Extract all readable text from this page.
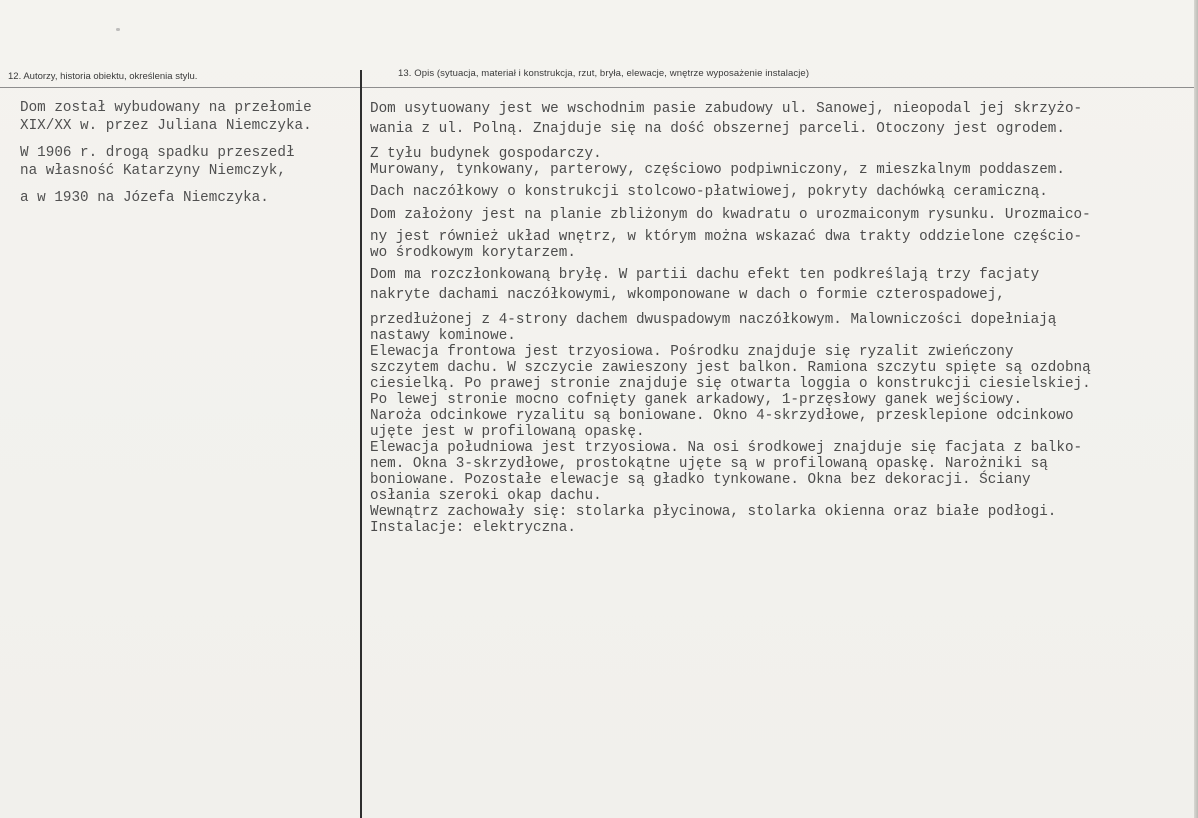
12. Autorzy, historia obiektu, określenia stylu.	13. Opis (sytuacja, materiał i konstrukcja, rzut, bryła, elewacje, wnętrze wyposażenie instalacje)
Dom został wybudowany na przełomie
XIX/XX w. przez Juliana Niemczyka.
W 1906 r. drogą spadku przeszedł
na własność Katarzyny Niemczyk,
a w 1930 na Józefa Niemczyka.
Dom usytuowany jest we wschodnim pasie zabudowy ul. Sanowej, nieopodal jej skrzyżo-
wania z ul. Polną. Znajduje się na dość obszernej parceli. Otoczony jest ogrodem.
Z tyłu budynek gospodarczy.
Murowany, tynkowany, parterowy, częściowo podpiwniczony, z mieszkalnym poddaszem.
Dach naczółkowy o konstrukcji stolcowo-płatwiowej, pokryty dachówką ceramiczną.
Dom założony jest na planie zbliżonym do kwadratu o urozmaiconym rysunku. Urozmaico-
ny jest również układ wnętrz, w którym można wskazać dwa trakty oddzielone częścio-
wo środkowym korytarzem.
Dom ma rozczłonkowaną bryłę. W partii dachu efekt ten podkreślają trzy facjaty
nakryte dachami naczółkowymi, wkomponowane w dach o formie czterospadowej,
przedłużonej z 4-strony dachem dwuspadowym naczółkowym. Malowniczości dopełniają
nastawy kominowe.
Elewacja frontowa jest trzyosiowa. Pośrodku znajduje się ryzalit zwieńczony
szczytem dachu. W szczycie zawieszony jest balkon. Ramiona szczytu spięte są ozdobną
ciesielką. Po prawej stronie znajduje się otwarta loggia o konstrukcji ciesielskiej.
Po lewej stronie mocno cofnięty ganek arkadowy, 1-przęsłowy ganek wejściowy.
Naroża odcinkowe ryzalitu są boniowane. Okno 4-skrzydłowe, przesklepione odcinkowo
ujęte jest w profilowaną opaskę.
Elewacja południowa jest trzyosiowa. Na osi środkowej znajduje się facjata z balko-
nem. Okna 3-skrzydłowe, prostokątne ujęte są w profilowaną opaskę. Narożniki są
boniowane. Pozostałe elewacje są gładko tynkowane. Okna bez dekoracji. Ściany
osłania szeroki okap dachu.
Wewnątrz zachowały się: stolarka płycinowa, stolarka okienna oraz białe podłogi.
Instalacje: elektryczna.
